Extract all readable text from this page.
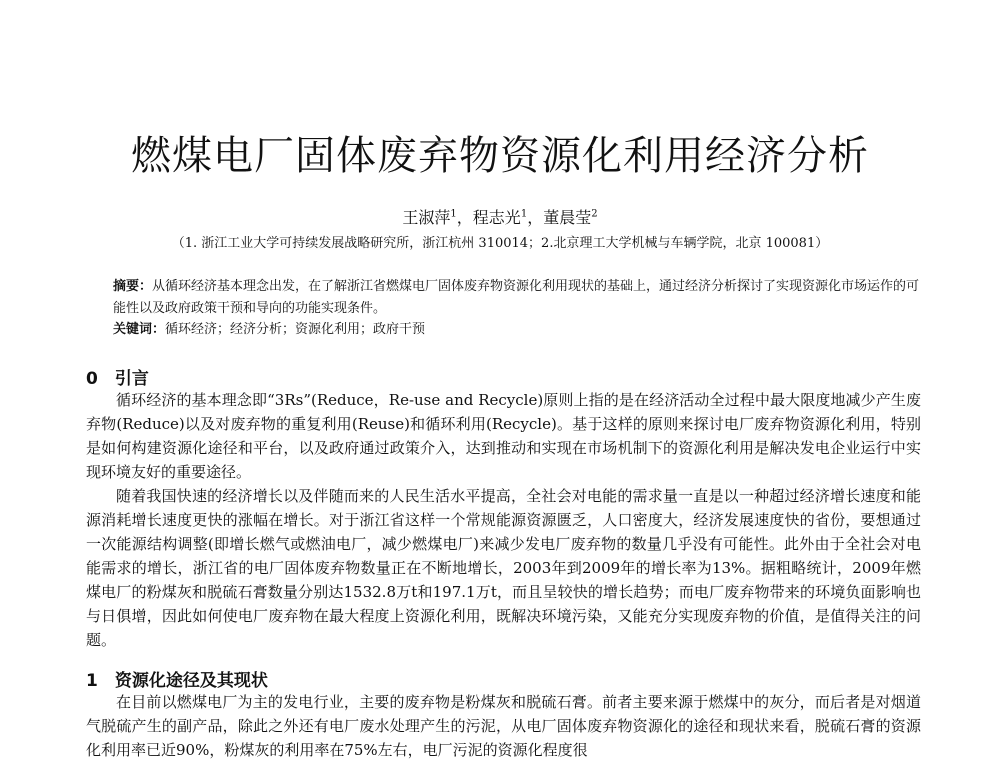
燃煤电厂固体废弃物资源化利用经济分析
王淑萍$^1$，程志光$^1$，董晨莹$^2$
（1. 浙江工业大学可持续发展战略研究所，浙江杭州 310014；2.北京理工大学机械与车辆学院，北京 100081）
摘要：从循环经济基本理念出发，在了解浙江省燃煤电厂固体废弃物资源化利用现状的基础上，通过经济分析探讨了实现资源化市场运作的可能性以及政府政策干预和导向的功能实现条件。
关键词：循环经济；经济分析；资源化利用；政府干预
0　引言

循环经济的基本理念即“3Rs”(Reduce，Re-use and Recycle)原则上指的是在经济活动全过程中最大限度地减少产生废弃物(Reduce)以及对废弃物的重复利用(Reuse)和循环利用(Recycle)。基于这样的原则来探讨电厂废弃物资源化利用，特别是如何构建资源化途径和平台，以及政府通过政策介入，达到推动和实现在市场机制下的资源化利用是解决发电企业运行中实现环境友好的重要途径。

随着我国快速的经济增长以及伴随而来的人民生活水平提高，全社会对电能的需求量一直是以一种超过经济增长速度和能源消耗增长速度更快的涨幅在增长。对于浙江省这样一个常规能源资源匮乏，人口密度大，经济发展速度快的省份，要想通过一次能源结构调整(即增长燃气或燃油电厂，减少燃煤电厂)来减少发电厂废弃物的数量几乎没有可能性。此外由于全社会对电能需求的增长，浙江省的电厂固体废弃物数量正在不断地增长，2003年到2009年的增长率为13%。据粗略统计，2009年燃煤电厂的粉煤灰和脱硫石膏数量分别达1532.8万t和197.1万t，而且呈较快的增长趋势；而电厂废弃物带来的环境负面影响也与日俱增，因此如何使电厂废弃物在最大程度上资源化利用，既解决环境污染，又能充分实现废弃物的价值，是值得关注的问题。

1　资源化途径及其现状

在目前以燃煤电厂为主的发电行业，主要的废弃物是粉煤灰和脱硫石膏。前者主要来源于燃煤中的灰分，而后者是对烟道气脱硫产生的副产品，除此之外还有电厂废水处理产生的污泥，从电厂固体废弃物资源化的途径和现状来看，脱硫石膏的资源化利用率已近90%，粉煤灰的利用率在75%左右，电厂污泥的资源化程度很
